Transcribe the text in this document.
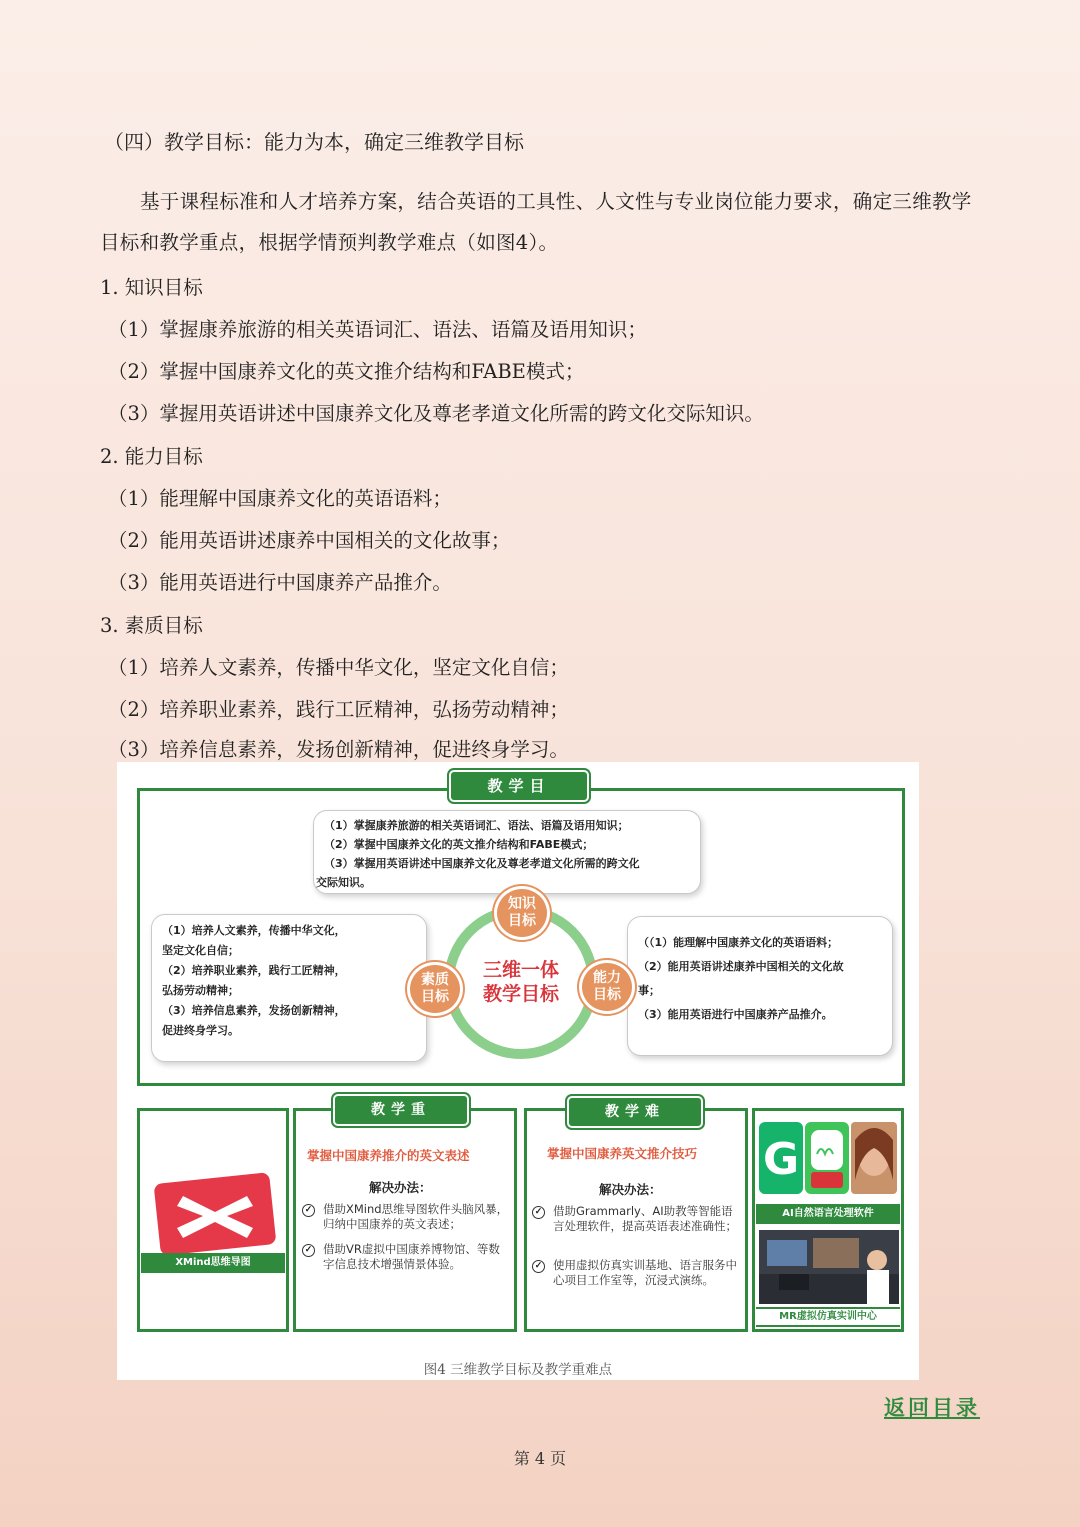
（四）教学目标：能力为本，确定三维教学目标
基于课程标准和人才培养方案，结合英语的工具性、人文性与专业岗位能力要求，确定三维教学目标和教学重点，根据学情预判教学难点（如图4）。
1. 知识目标
（1）掌握康养旅游的相关英语词汇、语法、语篇及语用知识；
（2）掌握中国康养文化的英文推介结构和FABE模式；
（3）掌握用英语讲述中国康养文化及尊老孝道文化所需的跨文化交际知识。
2. 能力目标
（1）能理解中国康养文化的英语语料；
（2）能用英语讲述康养中国相关的文化故事；
（3）能用英语进行中国康养产品推介。
3. 素质目标
（1）培养人文素养，传播中华文化，坚定文化自信；
（2）培养职业素养，践行工匠精神，弘扬劳动精神；
（3）培养信息素养，发扬创新精神，促进终身学习。
教学目
（1）掌握康养旅游的相关英语词汇、语法、语篇及语用知识；
（2）掌握中国康养文化的英文推介结构和FABE模式；
（3）掌握用英语讲述中国康养文化及尊老孝道文化所需的跨文化
交际知识。
（1）培养人文素养，传播中华文化，
坚定文化自信；
（2）培养职业素养，践行工匠精神，
弘扬劳动精神；
（3）培养信息素养，发扬创新精神，
促进终身学习。
（（1）能理解中国康养文化的英语语料；
（2）能用英语讲述康养中国相关的文化故
事；
（3）能用英语进行中国康养产品推介。
三维一体
教学目标
知识目标
素质目标
能力目标
教学重点
教学难点
XMind思维导图
掌握中国康养推介的英文表述
解决办法：
✓ 借助XMind思维导图软件头脑风暴，归纳中国康养的英文表述；
✓ 借助VR虚拟中国康养博物馆、等数字信息技术增强情景体验。
掌握中国康养英文推介技巧
解决办法：
✓ 借助Grammarly、AI助教等智能语言处理软件，提高英语表述准确性；
✓ 使用虚拟仿真实训基地、语言服务中心项目工作室等，沉浸式演练。
G
AI自然语言处理软件
MR虚拟仿真实训中心
图4 三维教学目标及教学重难点
返回目录
第 4 页
